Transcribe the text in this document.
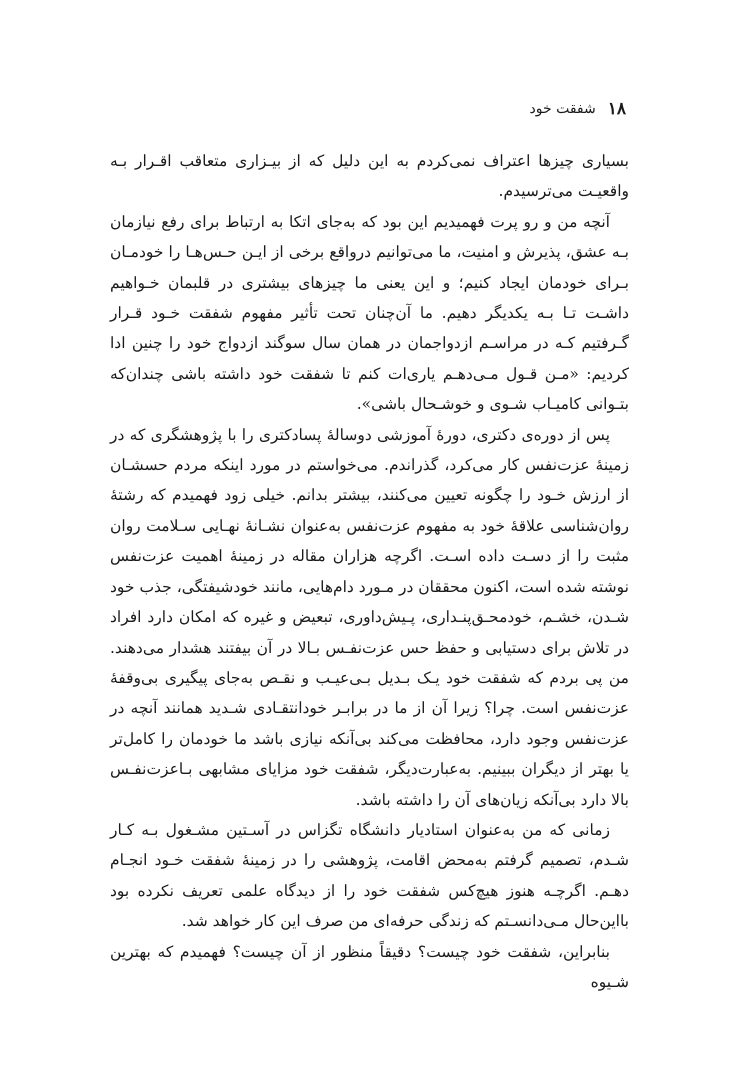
۱۸
شفقت خود

بسیاری چیزها اعتراف نمی‌کردم به این دلیل که از بیـزاری متعاقب اقـرار بـه واقعیـت می‌ترسیدم.

آنچه من و رو پرت فهمیدیم این بود که به‌جای اتکا به ارتباط برای رفع نیازمان بـه عشق، پذیرش و امنیت، ما می‌توانیم درواقع برخی از ایـن حـس‌هـا را خودمـان بـرای خودمان ایجاد کنیم؛ و این یعنی ما چیزهای بیشتری در قلبمان خـواهیم داشـت تـا بـه یکدیگر دهیم. ما آن‌چنان تحت تأثیر مفهوم شفقت خـود قـرار گـرفتیم کـه در مراسـم ازدواجمان در همان سال سوگند ازدواج خود را چنین ادا کردیم: «مـن قـول مـی‌دهـم یاری‌ات کنم تا شفقت خود داشته باشی چندان‌که بتـوانی کامیـاب شـوی و خوشـحال باشی».

پس از دوره‌ی دکتری، دورهٔ آموزشی دوسالهٔ پسادکتری را با پژوهشگری که در زمینهٔ عزت‌نفس کار می‌کرد، گذراندم. می‌خواستم در مورد اینکه مردم حسشـان از ارزش خـود را چگونه تعیین می‌کنند، بیشتر بدانم. خیلی زود فهمیدم که رشتهٔ روان‌شناسی علاقهٔ خود به مفهوم عزت‌نفس به‌عنوان نشـانهٔ نهـایی سـلامت روان مثبت را از دسـت داده اسـت. اگرچه هزاران مقاله در زمینهٔ اهمیت عزت‌نفس نوشته شده است، اکنون محققان در مـورد دام‌هایی، مانند خودشیفتگی، جذب خود شـدن، خشـم، خودمحـق‌پنـداری، پـیش‌داوری، تبعیض و غیره که امکان دارد افراد در تلاش برای دستیابی و حفظ حس عزت‌نفـس بـالا در آن بیفتند هشدار می‌دهند. من پی بردم که شفقت خود یـک بـدیل بـی‌عیـب و نقـص به‌جای پیگیری بی‌وقفهٔ عزت‌نفس است. چرا؟ زیرا آن از ما در برابـر خودانتقـادی شـدید همانند آنچه در عزت‌نفس وجود دارد، محافظت می‌کند بی‌آنکه نیازی باشد ما خودمان را کامل‌تر یا بهتر از دیگران ببینیم. به‌عبارت‌دیگر، شفقت خود مزایای مشابهی بـاعزت‌نفـس بالا دارد بی‌آنکه زیان‌های آن را داشته باشد.

زمانی که من به‌عنوان استادیار دانشگاه تگزاس در آسـتین مشـغول بـه کـار شـدم، تصمیم گرفتم به‌محض اقامت، پژوهشی را در زمینهٔ شفقت خـود انجـام دهـم. اگرچـه هنوز هیچ‌کس شفقت خود را از دیدگاه علمی تعریف نکرده بود بااین‌حال مـی‌دانسـتم که زندگی حرفه‌ای من صرف این کار خواهد شد.

بنابراین، شفقت خود چیست؟ دقیقاً منظور از آن چیست؟ فهمیدم که بهترین شـیوه
